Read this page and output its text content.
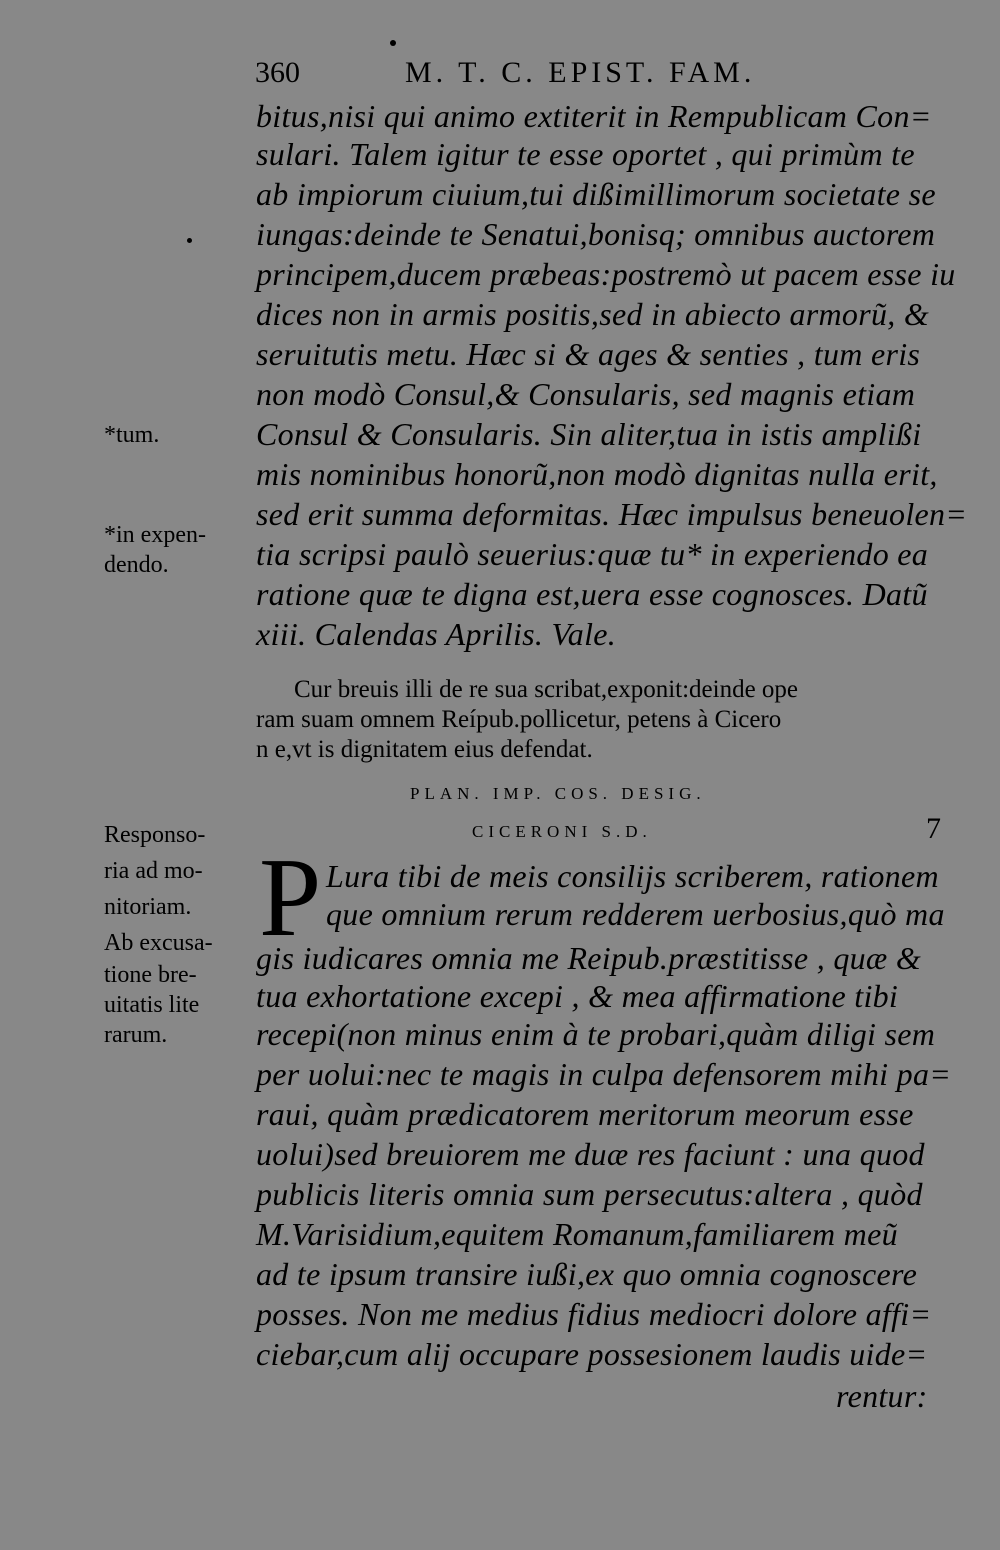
360	M. T. C. EPIST. FAM.
bitus,nisi qui animo extiterit in Rempublicam Con=
sulari. Talem igitur te esse oportet , qui primùm te
ab impiorum ciuium,tui dißimillimorum societate se
iungas:deinde te Senatui,bonisq; omnibus auctorem
principem,ducem præbeas:postremò ut pacem esse iu
dices non in armis positis,sed in abiecto armorũ, &
seruitutis metu. Hæc si & ages & senties , tum eris
non modò Consul,& Consularis, sed magnis etiam
Consul & Consularis. Sin aliter,tua in istis amplißi
mis nominibus honorũ,non modò dignitas nulla erit,
sed erit summa deformitas. Hæc impulsus beneuolen=
tia scripsi paulò seuerius:quæ tu* in experiendo ea
ratione quæ te digna est,uera esse cognosces. Datũ
xiii. Calendas Aprilis. Vale.
*tum.
*in expen-
dendo.
Cur breuis illi de re sua scribat,exponit:deinde ope
ram suam omnem Reípub.pollicetur, petens à Cicero
n e,vt is dignitatem eius defendat.
PLAN. IMP. COS. DESIG.
CICERONI S.D.	7
Responso-
ria ad mo-
nitoriam.
Ab excusa-
tione bre-
uitatis lite
rarum.
P Lura tibi de meis consilijs scriberem, rationem
que omnium rerum redderem uerbosius,quò ma
gis iudicares omnia me Reipub.præstitisse , quæ &
tua exhortatione excepi , & mea affirmatione tibi
recepi(non minus enim à te probari,quàm diligi sem
per uolui:nec te magis in culpa defensorem mihi pa=
raui, quàm prædicatorem meritorum meorum esse
uolui)sed breuiorem me duæ res faciunt : una quod
publicis literis omnia sum persecutus:altera , quòd
M.Varisidium,equitem Romanum,familiarem meũ
ad te ipsum transire iußi,ex quo omnia cognoscere
posses. Non me medius fidius mediocri dolore affi=
ciebar,cum alij occupare possesionem laudis uide=
rentur:
